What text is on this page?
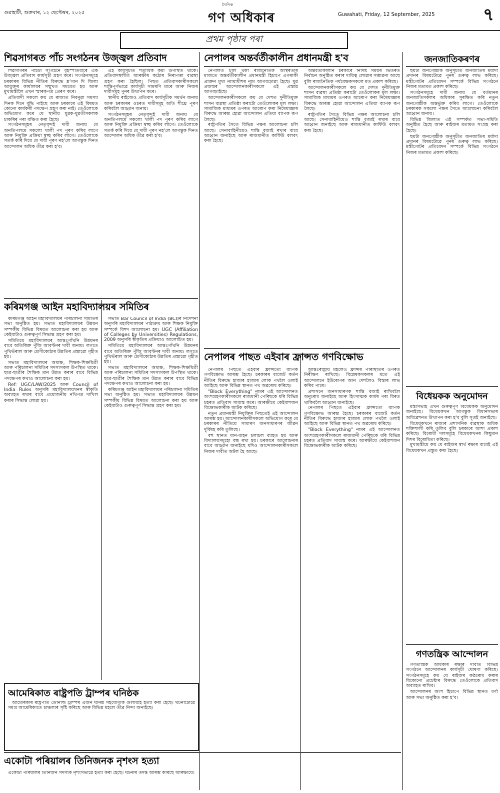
গুৱাহাটী, শুক্ৰবাৰ, ১২ ছেপ্টেম্বৰ, ২০২৫
দৈনিক
গণ অধিকাৰ	Guwahati, Friday, 12 September, 2025	৭
প্ৰথম পৃষ্ঠাৰ পৰা
শিৱসাগৰত পাঁচ সংগঠনৰ উজ্জ্বল প্ৰতিবাদ

শিৱসাগৰৰ পাঁচটা সংগঠনে বৃহস্পতিবাৰে এক উজ্জ্বল প্ৰতিবাদ কাৰ্যসূচী গ্ৰহণ কৰে। সংগঠনসমূহে চৰকাৰৰ বিভিন্ন নীতিৰ বিৰুদ্ধে শ্ল'গান দি জিলা আয়ুক্তৰ কাৰ্যালয়ৰ সন্মুখত সমবেত হয় আৰু মুখ্যমন্ত্ৰীলৈ এখন স্মাৰকপত্ৰ প্ৰেৰণ কৰে।

প্ৰতিবাদী সকলে কয় যে ৰাজ্যত নিবনুৱা সমস্যা দিনক দিনে বৃদ্ধি পাইছে আৰু চৰকাৰে এই বিষয়ত কোনো কাৰ্যকৰী পদক্ষেপ গ্ৰহণ কৰা নাই। তেওঁলোকে অভিযোগ কৰে যে স্থানীয় যুৱক-যুৱতীসকলক চাকৰিৰ পৰা বঞ্চিত কৰা হৈছে।

সংগঠনসমূহৰ নেতৃবৃন্দই দাবী জনায় যে অনতিপলমে সকলো খালী পদ পূৰণ কৰিব লাগে আৰু নিযুক্তি প্ৰক্ৰিয়া স্বচ্ছ কৰিব লাগে। তেওঁলোকে সতৰ্ক কৰি দিয়ে যে দাবী পূৰণ নহ'লে আগন্তুক দিনত আন্দোলন অধিক তীব্ৰ কৰা হ'ব।

এই কাৰ্যসূচীত শতাধিক কৰ্মী উপস্থিত থাকে। প্ৰতিবাদস্থলীত আৰক্ষীৰ কঠোৰ নিৰাপত্তা ব্যৱস্থা গ্ৰহণ কৰা হৈছিল। পিছত প্ৰতিবাদকাৰীসকলে শান্তিপূৰ্ণভাৱে কাৰ্যসূচী সামৰণি মাৰে আৰু নিজৰ দাবীসমূহ পুনৰ উত্থাপন কৰে।

স্থানীয় ৰাইজেও প্ৰতিবাদ কাৰ্যসূচীক সমৰ্থন জনায় আৰু চৰকাৰৰ ওচৰত দাবীসমূহ অতি শীঘ্ৰে পূৰণ কৰিবলৈ আহ্বান জনায়।

সংগঠনসমূহৰ নেতৃবৃন্দই দাবী জনায় যে অনতিপলমে সকলো খালী পদ পূৰণ কৰিব লাগে আৰু নিযুক্তি প্ৰক্ৰিয়া স্বচ্ছ কৰিব লাগে। তেওঁলোকে সতৰ্ক কৰি দিয়ে যে দাবী পূৰণ নহ'লে আগন্তুক দিনত আন্দোলন অধিক তীব্ৰ কৰা হ'ব।

কৰিমগঞ্জ আইন মহাবিদ্যালয়ৰ সমিতিৰ

কৰিমগঞ্জ আইন মহাবিদ্যালয়ৰ পৰিচালনা সমিতিৰ সভা অনুষ্ঠিত হয়। সভাত মহাবিদ্যালয়ৰ উন্নয়ন সম্পৰ্কীয় বিভিন্ন বিষয়ত আলোচনা কৰা হয় আৰু কেইবাটাও গুৰুত্বপূৰ্ণ সিদ্ধান্ত গ্ৰহণ কৰা হয়।

সমিতিয়ে মহাবিদ্যালয়ৰ আন্তঃগাঁথনি উন্নয়নৰ বাবে অতিৰিক্ত পুঁজি আবণ্টনৰ দাবী জনায়। লগতে পুথিভঁৰাল আৰু শ্ৰেণীকোঠাৰ উন্নতিৰ প্ৰস্তাৱো গৃহীত হয়।

সভাত মহাবিদ্যালয়ৰ অধ্যক্ষ, শিক্ষক-শিক্ষয়িত্ৰী আৰু পৰিচালনা সমিতিৰ সদস্যসকল উপস্থিত থাকে। ছাত্ৰ-ছাত্ৰীৰ শৈক্ষিক মান উন্নত কৰাৰ বাবে বিভিন্ন পদক্ষেপৰ কথাও আলোচনা কৰা হয়।

Ref: UGC/LAW/2025 আৰু Council of India Rules অনুসৰি মহাবিদ্যালয়খনৰ স্বীকৃতি অব্যাহত ৰখাৰ বাবে প্ৰয়োজনীয় নথিপত্ৰ দাখিল কৰাৰ সিদ্ধান্ত লোৱা হয়।

সভাত Bar Council of India (BCI)ৰ নিৰ্দেশনা অনুসৰি মহাবিদ্যালয়ৰ পাঠ্যক্ৰম আৰু শিক্ষক নিযুক্তি সম্পৰ্কে বিশদ আলোচনা হয়। UGC (Affiliation of Colleges by Universities) Regulations, 2009 অনুসৰি স্বীকৃতিৰ প্ৰক্ৰিয়াও আলোচিত হয়।

সমিতিয়ে মহাবিদ্যালয়ৰ আন্তঃগাঁথনি উন্নয়নৰ বাবে অতিৰিক্ত পুঁজি আবণ্টনৰ দাবী জনায়। লগতে পুথিভঁৰাল আৰু শ্ৰেণীকোঠাৰ উন্নতিৰ প্ৰস্তাৱো গৃহীত হয়।

সভাত মহাবিদ্যালয়ৰ অধ্যক্ষ, শিক্ষক-শিক্ষয়িত্ৰী আৰু পৰিচালনা সমিতিৰ সদস্যসকল উপস্থিত থাকে। ছাত্ৰ-ছাত্ৰীৰ শৈক্ষিক মান উন্নত কৰাৰ বাবে বিভিন্ন পদক্ষেপৰ কথাও আলোচনা কৰা হয়।

কৰিমগঞ্জ আইন মহাবিদ্যালয়ৰ পৰিচালনা সমিতিৰ সভা অনুষ্ঠিত হয়। সভাত মহাবিদ্যালয়ৰ উন্নয়ন সম্পৰ্কীয় বিভিন্ন বিষয়ত আলোচনা কৰা হয় আৰু কেইবাটাও গুৰুত্বপূৰ্ণ সিদ্ধান্ত গ্ৰহণ কৰা হয়।

আমেৰিকাত ৰাষ্ট্ৰপতি ট্ৰাম্পৰ ঘনিষ্ঠক

আমেৰিকাৰ ৰাষ্ট্ৰপতি ডোনাল্ড ট্ৰাম্পৰ এজন ঘনিষ্ঠ সহযোগীক গুলীয়াই হত্যা কৰা হৈছে। ঘটনাটোৱে সমগ্ৰ আমেৰিকাতে চাঞ্চল্যৰ সৃষ্টি কৰিছে আৰু বিভিন্ন মহলে তীব্ৰ নিন্দা জনাইছে।

একোটা পৰিয়ালৰ তিনিজনক নৃশংস হত্যা

একোটা পৰিয়ালৰ তিনিজন সদস্যক নৃশংসভাৱে হত্যা কৰা হৈছে। ঘটনাৰ তদন্ত আৰম্ভ কৰিছে আৰক্ষীয়ে।

নেপালৰ অন্তৰ্বৰ্তীকালীন প্ৰধানমন্ত্ৰী হ'ব

নেপালত চলি থকা ৰাজনৈতিক অস্থিৰতাৰ মাজতে অন্তৰ্বৰ্তীকালীন প্ৰধানমন্ত্ৰী হিচাপে এগৰাকী প্ৰাক্তন মুখ্য ন্যায়াধীশৰ নাম আগবঢ়োৱা হৈছে। যুৱ প্ৰজন্মৰ আন্দোলনকাৰীসকলে এই প্ৰস্তাৱ আগবঢ়াইছে।

আন্দোলনকাৰীসকলে কয় যে দেশত দুৰ্নীতিমুক্ত শাসন ব্যৱস্থা প্ৰতিষ্ঠা কৰাটো তেওঁলোকৰ মূল লক্ষ্য। সামাজিক মাধ্যমৰ ওপৰত আৰোপ কৰা নিষেধাজ্ঞাৰ বিৰুদ্ধে আৰম্ভ হোৱা আন্দোলন এতিয়া ব্যাপক ৰূপ লৈছে।

ৰাষ্ট্ৰপতিৰ সৈতে বিভিন্ন পক্ষৰ আলোচনা চলি আছে। সেনাবাহিনীয়েও শান্তি বজাই ৰখাৰ বাবে আহ্বান জনাইছে আৰু ৰাজধানীত কাৰ্ফিউ বলবৎ কৰা হৈছে।

অন্তৰ্বৰ্তীকালীন চৰকাৰে নিৰ্দিষ্ট সময়ৰ ভিতৰত নিৰ্বাচন অনুষ্ঠিত কৰাৰ দায়িত্ব লোৱাৰ সম্ভাৱনা আছে বুলি ৰাজনৈতিক পৰ্যবেক্ষকসকলে মত প্ৰকাশ কৰিছে।

আন্দোলনকাৰীসকলে কয় যে দেশত দুৰ্নীতিমুক্ত শাসন ব্যৱস্থা প্ৰতিষ্ঠা কৰাটো তেওঁলোকৰ মূল লক্ষ্য। সামাজিক মাধ্যমৰ ওপৰত আৰোপ কৰা নিষেধাজ্ঞাৰ বিৰুদ্ধে আৰম্ভ হোৱা আন্দোলন এতিয়া ব্যাপক ৰূপ লৈছে।

ৰাষ্ট্ৰপতিৰ সৈতে বিভিন্ন পক্ষৰ আলোচনা চলি আছে। সেনাবাহিনীয়েও শান্তি বজাই ৰখাৰ বাবে আহ্বান জনাইছে আৰু ৰাজধানীত কাৰ্ফিউ বলবৎ কৰা হৈছে।

নেপালৰ পাছত এইবাৰ ফ্ৰান্সত গণবিক্ষোভ

নেপালৰ পিছতে এইবাৰ ফ্ৰান্সতো ব্যাপক গণবিক্ষোভ আৰম্ভ হৈছে। চৰকাৰৰ বাজেট কৰ্তন নীতিৰ বিৰুদ্ধে হাজাৰ হাজাৰ লোক পথলৈ ওলাই আহিছে আৰু বিভিন্ন স্থানত পথ অৱৰোধ কৰিছে।

"Block Everything" নামৰ এই আন্দোলনত অংশগ্ৰহণকাৰীসকলে ৰাজধানী পেৰিছকে ধৰি বিভিন্ন চহৰত প্ৰতিবাদ সাব্যস্ত কৰে। আৰক্ষীয়ে কেইবাশজন বিক্ষোভকাৰীক আটক কৰিছে।

নতুন প্ৰধানমন্ত্ৰী নিযুক্তিৰ পিছতেই এই আন্দোলন আৰম্ভ হয়। আন্দোলনকাৰীসকলে অভিযোগ কৰে যে চৰকাৰৰ নীতিয়ে সাধাৰণ জনসাধাৰণৰ জীৱন দুৰ্বিষহ কৰি তুলিছে।

বহু স্থানত যান-বাহন চলাচল ব্যাহত হয় আৰু বিদ্যালয়সমূহো বন্ধ ৰখা হয়। চৰকাৰে আলোচনাৰ বাবে আহ্বান জনাইছে যদিও আন্দোলনকাৰীসকলে নিজৰ দাবীত অটল হৈ আছে।

আন্তঃৰাষ্ট্ৰীয় মহলেও ফ্ৰান্সৰ পৰিস্থিতিৰ ওপৰত নিৰীক্ষণ ৰাখিছে। বিশ্লেষকসকলৰ মতে এই আন্দোলনে ইউৰোপৰ আন দেশলৈও বিস্তাৰ লাভ কৰিব পাৰে।

প্ৰশাসনে জনসাধাৰণক শান্তি বজাই ৰাখিবলৈ অনুৰোধ জনাইছে আৰু হিংসাত্মক কাৰ্যৰ পৰা বিৰত থাকিবলৈ আহ্বান জনাইছে।

নেপালৰ পিছতে এইবাৰ ফ্ৰান্সতো ব্যাপক গণবিক্ষোভ আৰম্ভ হৈছে। চৰকাৰৰ বাজেট কৰ্তন নীতিৰ বিৰুদ্ধে হাজাৰ হাজাৰ লোক পথলৈ ওলাই আহিছে আৰু বিভিন্ন স্থানত পথ অৱৰোধ কৰিছে।

"Block Everything" নামৰ এই আন্দোলনত অংশগ্ৰহণকাৰীসকলে ৰাজধানী পেৰিছকে ধৰি বিভিন্ন চহৰত প্ৰতিবাদ সাব্যস্ত কৰে। আৰক্ষীয়ে কেইবাশজন বিক্ষোভকাৰীক আটক কৰিছে।

জনজাতিকৰণৰ

ছয়টা জনগোষ্ঠীক অনুসূচীত জনজাতিৰ মৰ্যাদা প্ৰদানৰ বিষয়টোৱে পুনৰ গুৰুত্ব লাভ কৰিছে। মন্ত্ৰীগোটৰ প্ৰতিবেদন সম্পৰ্কে বিভিন্ন সংগঠনে নিজৰ মতামত প্ৰকাশ কৰিছে।

সংগঠনসমূহে দাবী জনায় যে বৰ্তমানৰ জনজাতিসকলৰ অধিকাৰ সুৰক্ষিত কৰি নতুন জনগোষ্ঠীক অন্তৰ্ভুক্ত কৰিব লাগে। তেওঁলোকে চৰকাৰক সকলো পক্ষৰ সৈতে আলোচনা কৰিবলৈ আহ্বান জনায়।

বিভিন্ন জিলাত এই সম্পৰ্কত সভা-সমিতি অনুষ্ঠিত হৈছে আৰু ৰাইজৰ মতামত সংগ্ৰহ কৰা হৈছে।

ছয়টা জনগোষ্ঠীক অনুসূচীত জনজাতিৰ মৰ্যাদা প্ৰদানৰ বিষয়টোৱে পুনৰ গুৰুত্ব লাভ কৰিছে। মন্ত্ৰীগোটৰ প্ৰতিবেদন সম্পৰ্কে বিভিন্ন সংগঠনে নিজৰ মতামত প্ৰকাশ কৰিছে।

বিধেয়কক অনুমোদন

মন্ত্ৰীসভাই এখন গুৰুত্বপূৰ্ণ বিধেয়কক অনুমোদন জনাইছে। বিধেয়কখন আগন্তুক বিধানসভাৰ অধিৱেশনত উত্থাপন কৰা হ'ব বুলি সূত্ৰই জনাইছে।

বিধেয়কখনে ৰাজ্যৰ প্ৰশাসনিক ব্যৱস্থাক অধিক শক্তিশালী কৰি তুলিব বুলি চৰকাৰে আশা প্ৰকাশ কৰিছে। বিৰোধী দলসমূহে বিধেয়কখনৰ কিছুমান দিশৰ বিৰোধিতা কৰিছে।

মুখ্যমন্ত্ৰীয়ে কয় যে ৰাইজৰ স্বাৰ্থ ৰক্ষাৰ বাবেই এই বিধেয়কখন প্ৰস্তুত কৰা হৈছে।

গণতন্ত্ৰিক আন্দোলন

গণতান্ত্ৰিক অধিকাৰ ৰক্ষাৰ দাবীত বিভিন্ন সংগঠনে আন্দোলনৰ কাৰ্যসূচী ঘোষণা কৰিছে। সংগঠনসমূহে কয় যে ৰাইজৰ কণ্ঠৰোধ কৰাৰ যিকোনো প্ৰচেষ্টাৰ বিৰুদ্ধে তেওঁলোকে প্ৰতিবাদ অব্যাহত ৰাখিব।

আন্দোলনৰ অংশ হিচাপে বিভিন্ন স্থানত ধৰ্ণা আৰু সভা অনুষ্ঠিত কৰা হ'ব।
